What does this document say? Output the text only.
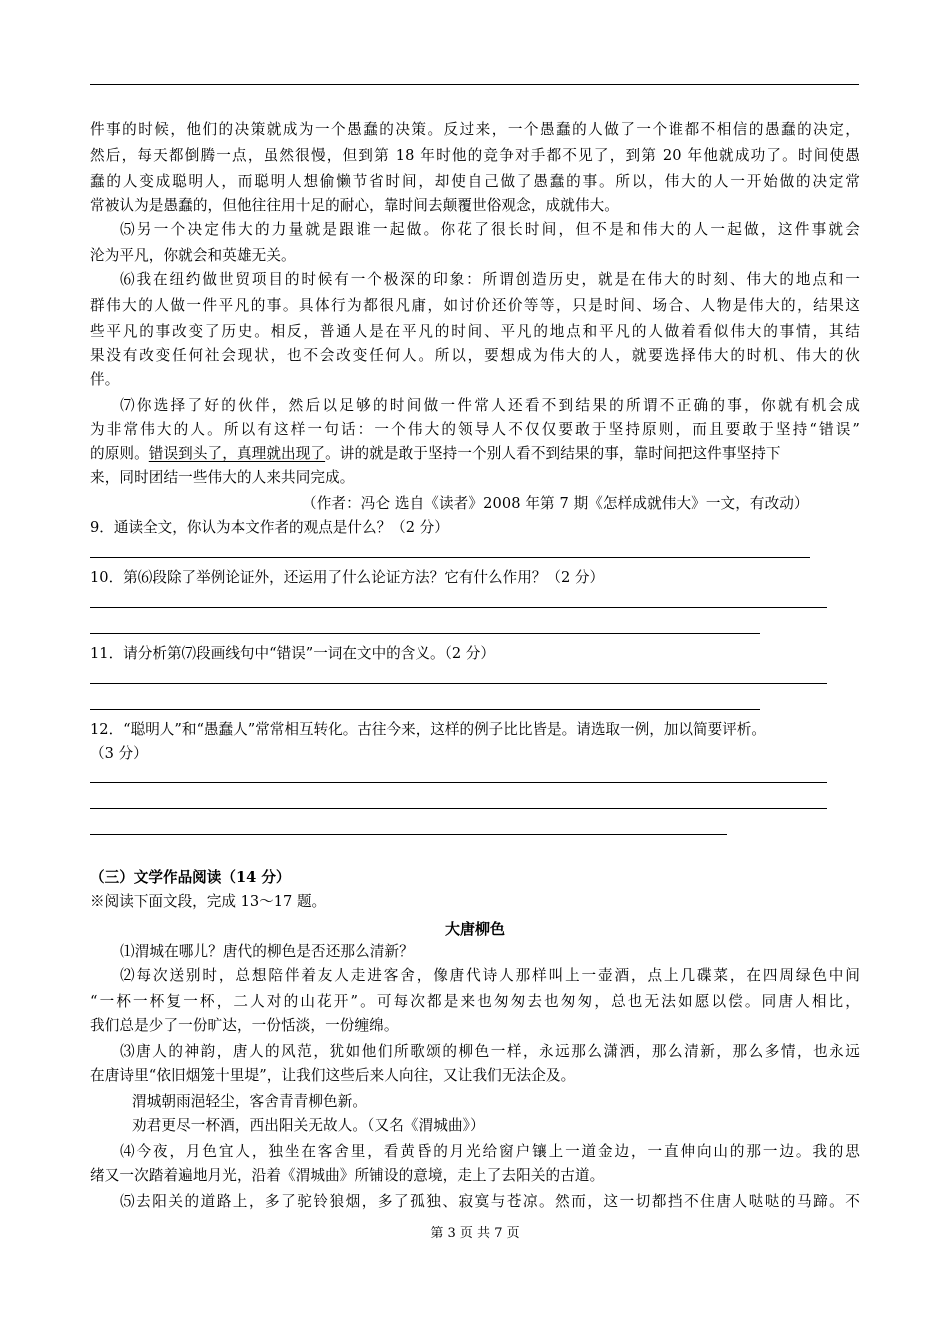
件事的时候，他们的决策就成为一个愚蠢的决策。反过来，一个愚蠢的人做了一个谁都不相信的愚蠢的决定，
然后，每天都倒腾一点，虽然很慢，但到第 18 年时他的竞争对手都不见了，到第 20 年他就成功了。时间使愚
蠢的人变成聪明人，而聪明人想偷懒节省时间，却使自己做了愚蠢的事。所以，伟大的人一开始做的决定常
常被认为是愚蠢的，但他往往用十足的耐心，靠时间去颠覆世俗观念，成就伟大。
⑸另一个决定伟大的力量就是跟谁一起做。你花了很长时间，但不是和伟大的人一起做，这件事就会
沦为平凡，你就会和英雄无关。
⑹我在纽约做世贸项目的时候有一个极深的印象：所谓创造历史，就是在伟大的时刻、伟大的地点和一
群伟大的人做一件平凡的事。具体行为都很凡庸，如讨价还价等等，只是时间、场合、人物是伟大的，结果这
些平凡的事改变了历史。相反，普通人是在平凡的时间、平凡的地点和平凡的人做着看似伟大的事情，其结
果没有改变任何社会现状，也不会改变任何人。所以，要想成为伟大的人，就要选择伟大的时机、伟大的伙
伴。
⑺你选择了好的伙伴，然后以足够的时间做一件常人还看不到结果的所谓不正确的事，你就有机会成
为非常伟大的人。所以有这样一句话：一个伟大的领导人不仅仅要敢于坚持原则，而且要敢于坚持“错误”
的原则。错误到头了，真理就出现了。讲的就是敢于坚持一个别人看不到结果的事，靠时间把这件事坚持下
来，同时团结一些伟大的人来共同完成。
（作者：冯仑 选自《读者》2008 年第 7 期《怎样成就伟大》一文，有改动）
9．通读全文，你认为本文作者的观点是什么？（2 分）
10．第⑹段除了举例论证外，还运用了什么论证方法？它有什么作用？（2 分）
11．请分析第⑺段画线句中“错误”一词在文中的含义。（2 分）
12．“聪明人”和“愚蠢人”常常相互转化。古往今来，这样的例子比比皆是。请选取一例，加以简要评析。
（3 分）
（三）文学作品阅读（14 分）
※阅读下面文段，完成 13～17 题。
大唐柳色
⑴渭城在哪儿？唐代的柳色是否还那么清新？
⑵每次送别时，总想陪伴着友人走进客舍，像唐代诗人那样叫上一壶酒，点上几碟菜，在四周绿色中间
“一杯一杯复一杯，二人对的山花开”。可每次都是来也匆匆去也匆匆，总也无法如愿以偿。同唐人相比，
我们总是少了一份旷达，一份恬淡，一份缠绵。
⑶唐人的神韵，唐人的风范，犹如他们所歌颂的柳色一样，永远那么潇洒，那么清新，那么多情，也永远
在唐诗里“依旧烟笼十里堤”，让我们这些后来人向往，又让我们无法企及。
渭城朝雨浥轻尘，客舍青青柳色新。
劝君更尽一杯酒，西出阳关无故人。（又名《渭城曲》）
⑷今夜，月色宜人，独坐在客舍里，看黄昏的月光给窗户镶上一道金边，一直伸向山的那一边。我的思
绪又一次踏着遍地月光，沿着《渭城曲》所铺设的意境，走上了去阳关的古道。
⑸去阳关的道路上，多了驼铃狼烟，多了孤独、寂寞与苍凉。然而，这一切都挡不住唐人哒哒的马蹄。不
第 3 页 共 7 页
